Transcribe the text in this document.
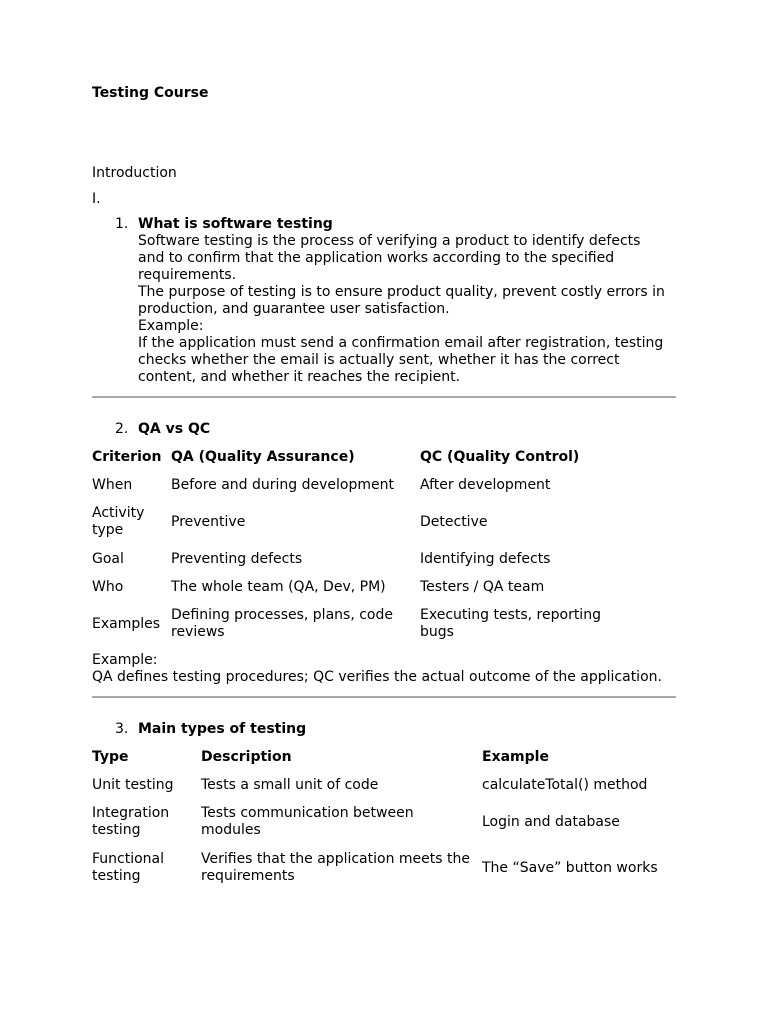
Testing Course
Introduction
I.
1. What is software testing
Software testing is the process of verifying a product to identify defects
and to confirm that the application works according to the specified
requirements.
The purpose of testing is to ensure product quality, prevent costly errors in
production, and guarantee user satisfaction.
Example:
If the application must send a confirmation email after registration, testing
checks whether the email is actually sent, whether it has the correct
content, and whether it reaches the recipient.
2. QA vs QC
Criterion	QA (Quality Assurance)	QC (Quality Control)
When	Before and during development	After development
Activity type	Preventive	Detective
Goal	Preventing defects	Identifying defects
Who	The whole team (QA, Dev, PM)	Testers / QA team
Examples	Defining processes, plans, code reviews	Executing tests, reporting bugs
Example:
QA defines testing procedures; QC verifies the actual outcome of the application.
3. Main types of testing
Type	Description	Example
Unit testing	Tests a small unit of code	calculateTotal() method
Integration testing	Tests communication between modules	Login and database
Functional testing	Verifies that the application meets the requirements	The “Save” button works
